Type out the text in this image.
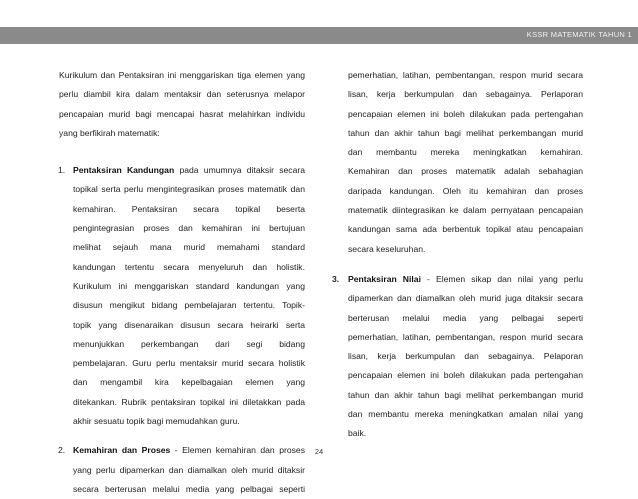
KSSR MATEMATIK TAHUN 1
Kurikulum dan Pentaksiran ini menggariskan tiga elemen yang
perlu diambil kira dalam mentaksir dan seterusnya melapor
pencapaian murid bagi mencapai hasrat melahirkan individu
yang berfikirah matematik:
1. Pentaksiran Kandungan pada umumnya ditaksir secara
topikal serta perlu mengintegrasikan proses matematik dan
kemahiran. Pentaksiran secara topikal beserta
pengintegrasian proses dan kemahiran ini bertujuan
melihat sejauh mana murid memahami standard
kandungan tertentu secara menyeluruh dan holistik.
Kurikulum ini menggariskan standard kandungan yang
disusun mengikut bidang pembelajaran tertentu. Topik-
topik yang disenaraikan disusun secara heirarki serta
menunjukkan perkembangan dari segi bidang
pembelajaran. Guru perlu mentaksir murid secara holistik
dan mengambil kira kepelbagaian elemen yang
ditekankan. Rubrik pentaksiran topikal ini diletakkan pada
akhir sesuatu topik bagi memudahkan guru.
2. Kemahiran dan Proses - Elemen kemahiran dan proses
yang perlu dipamerkan dan diamalkan oleh murid ditaksir
secara berterusan melalui media yang pelbagai seperti
pemerhatian, latihan, pembentangan, respon murid secara
lisan, kerja berkumpulan dan sebagainya. Perlaporan
pencapaian elemen ini boleh dilakukan pada pertengahan
tahun dan akhir tahun bagi melihat perkembangan murid
dan membantu mereka meningkatkan kemahiran.
Kemahiran dan proses matematik adalah sebahagian
daripada kandungan. Oleh itu kemahiran dan proses
matematik diintegrasikan ke dalam pernyataan pencapaian
kandungan sama ada berbentuk topikal atau pencapaian
secara keseluruhan.
3. Pentaksiran Nilai - Elemen sikap dan nilai yang perlu
dipamerkan dan diamalkan oleh murid juga ditaksir secara
berterusan melalui media yang pelbagai seperti
pemerhatian, latihan, pembentangan, respon murid secara
lisan, kerja berkumpulan dan sebagainya. Pelaporan
pencapaian elemen ini boleh dilakukan pada pertengahan
tahun dan akhir tahun bagi melihat perkembangan murid
dan membantu mereka meningkatkan amalan nilai yang
baik.
24
